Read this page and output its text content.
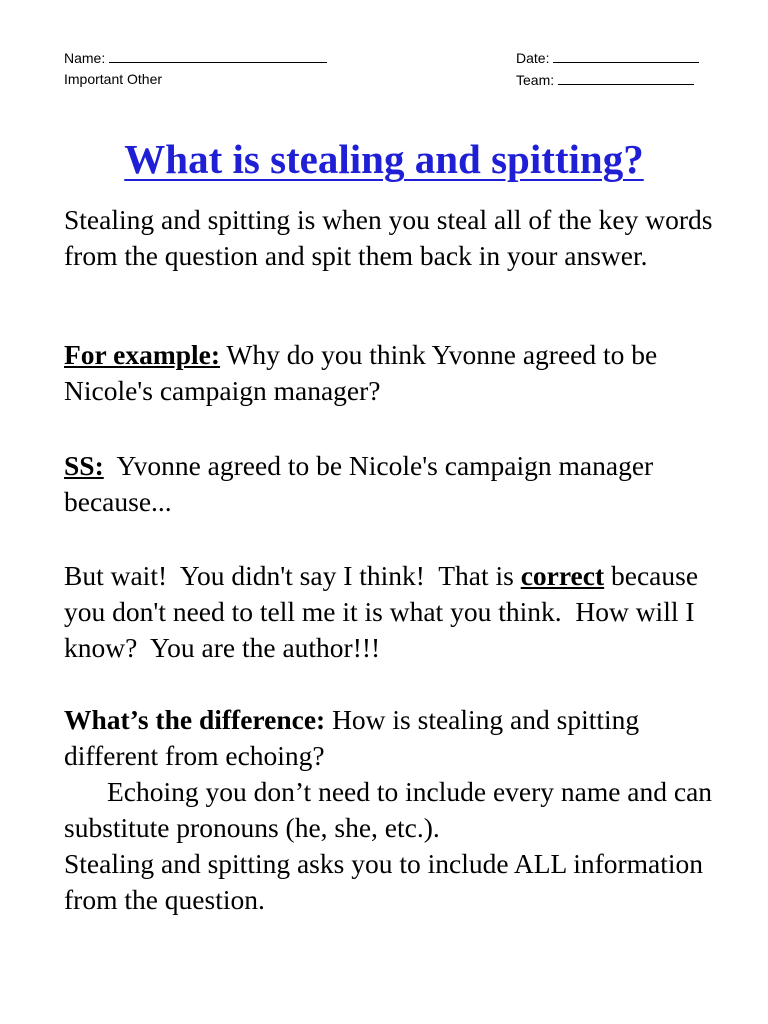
Name:
Important Other
Date:
Team:
What is stealing and spitting?
Stealing and spitting is when you steal all of the key words from the question and spit them back in your answer.
For example: Why do you think Yvonne agreed to be Nicole's campaign manager?
SS:  Yvonne agreed to be Nicole's campaign manager because...
But wait!  You didn't say I think!  That is correct because you don't need to tell me it is what you think.  How will I know?  You are the author!!!
What’s the difference: How is stealing and spitting different from echoing?
Echoing you don’t need to include every name and can substitute pronouns (he, she, etc.).
Stealing and spitting asks you to include ALL information from the question.
